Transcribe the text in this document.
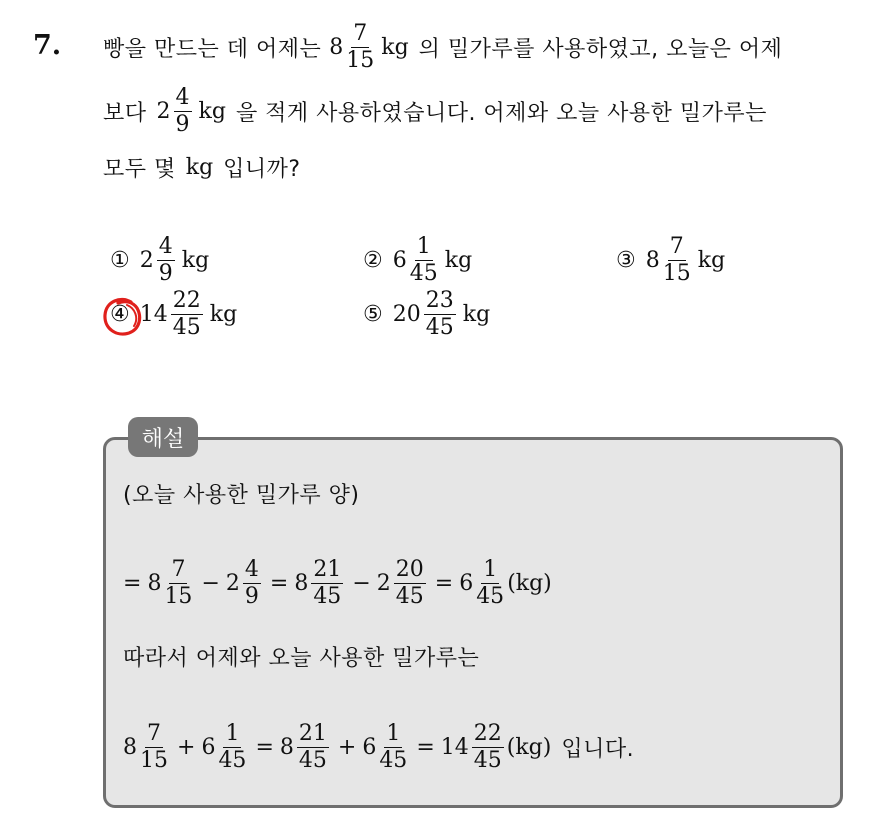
7. 빵을 만드는 데 어제는 $8 \frac{7}{15}$ kg 의 밀가루를 사용하였고, 오늘은 어제
보다 $2 \frac{4}{9}$ kg 을 적게 사용하였습니다. 어제와 오늘 사용한 밀가루는
모두 몇 kg 입니까?
① $2 \frac{4}{9}$ kg	② $6 \frac{1}{45}$ kg	③ $8 \frac{7}{15}$ kg
④ $14 \frac{22}{45}$ kg	⑤ $20 \frac{23}{45}$ kg
해설
(오늘 사용한 밀가루 양)
= $8 \frac{7}{15} - 2 \frac{4}{9} = 8 \frac{21}{45} - 2 \frac{20}{45} = 6 \frac{1}{45} (kg)$
따라서 어제와 오늘 사용한 밀가루는
$8 \frac{7}{15} + 6 \frac{1}{45} = 8 \frac{21}{45} + 6 \frac{1}{45} = 14 \frac{22}{45} (kg)$ 입니다.
